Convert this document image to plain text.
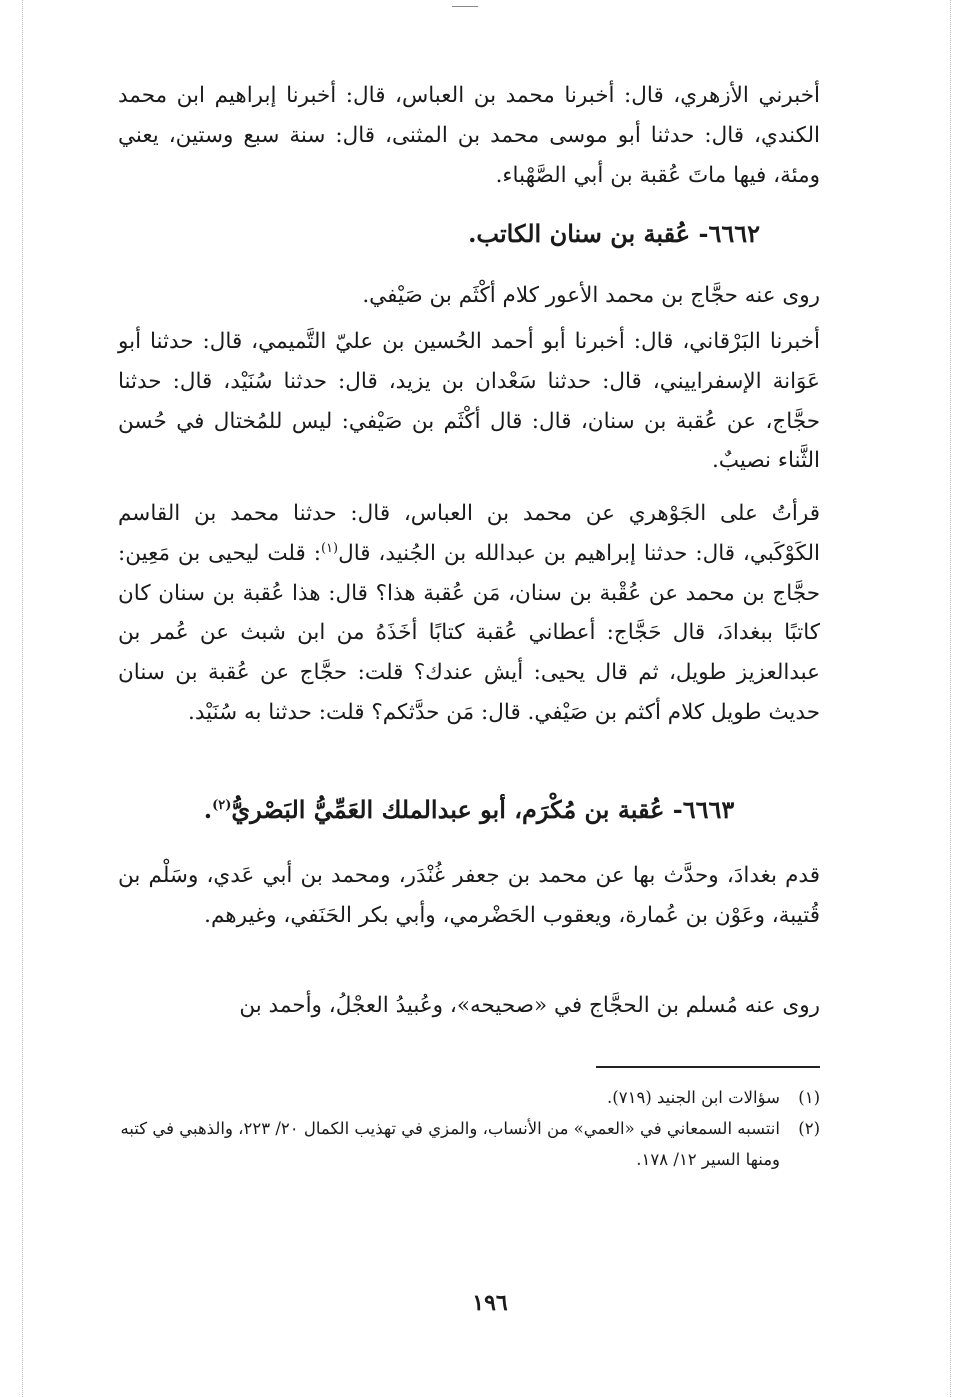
أخبرني الأزهري، قال: أخبرنا محمد بن العباس، قال: أخبرنا إبراهيم ابن محمد الكندي، قال: حدثنا أبو موسى محمد بن المثنى، قال: سنة سبع وستين، يعني ومئة، فيها ماتَ عُقبة بن أبي الصَّهْباء.
٦٦٦٢- عُقبة بن سنان الكاتب.
روى عنه حجَّاج بن محمد الأعور كلام أكْثَم بن صَيْفي.
أخبرنا البَرْقاني، قال: أخبرنا أبو أحمد الحُسين بن عليّ التَّميمي، قال: حدثنا أبو عَوَانة الإسفراييني، قال: حدثنا سَعْدان بن يزيد، قال: حدثنا سُنَيْد، قال: حدثنا حجَّاج، عن عُقبة بن سنان، قال: قال أكْثَم بن صَيْفي: ليس للمُختال في حُسن الثَّناء نصيبٌ.
قرأتُ على الجَوْهري عن محمد بن العباس، قال: حدثنا محمد بن القاسم الكَوْكَبي، قال: حدثنا إبراهيم بن عبدالله بن الجُنيد، قال$^{(١)}$: قلت ليحيى بن مَعِين: حجَّاج بن محمد عن عُقْبة بن سنان، مَن عُقبة هذا؟ قال: هذا عُقبة بن سنان كان كاتبًا ببغدادَ، قال حَجَّاج: أعطاني عُقبة كتابًا أخَذَهُ من ابن شبث عن عُمر بن عبدالعزيز طويل، ثم قال يحيى: أيش عندك؟ قلت: حجَّاج عن عُقبة بن سنان حديث طويل كلام أكثم بن صَيْفي. قال: مَن حدَّثكم؟ قلت: حدثنا به سُنَيْد.
٦٦٦٣- عُقبة بن مُكْرَم، أبو عبدالملك العَمِّيُّ البَصْريُّ$^{(٢)}$.
قدم بغدادَ، وحدَّث بها عن محمد بن جعفر غُنْدَر، ومحمد بن أبي عَدي، وسَلْم بن قُتيبة، وعَوْن بن عُمارة، ويعقوب الحَضْرمي، وأبي بكر الحَنَفي، وغيرهم.
روى عنه مُسلم بن الحجَّاج في «صحيحه»، وعُبيدُ العجْلُ، وأحمد بن
(١)
سؤالات ابن الجنيد (٧١٩).
(٢)
انتسبه السمعاني في «العمي» من الأنساب، والمزي في تهذيب الكمال ٢٠/ ٢٢٣، والذهبي في كتبه ومنها السير ١٢/ ١٧٨.
١٩٦
